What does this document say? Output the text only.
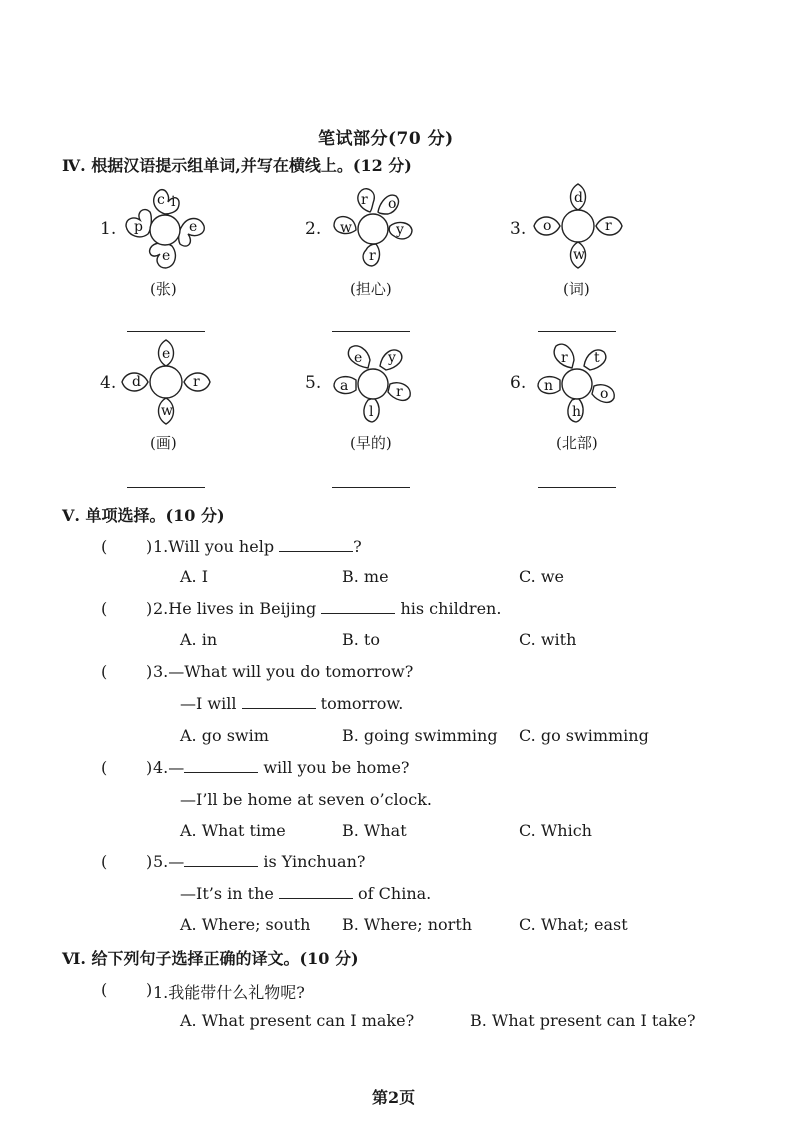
笔试部分(70 分)
Ⅳ. 根据汉语提示组单词,并写在横线上。(12 分)
1.
c i
e
e
p
(张)
2.
r o
y
r
w
(担心)
3.
d
r
w
o
(词)
4.
e
r
w
d
(画)
5.
e y
r
l
a
(早的)
6.
r t
o
h
n
(北部)
Ⅴ. 单项选择。(10 分)
( ) 1.Will you help	?
A. I	B. me	C. we
( ) 2.He lives in Beijing	his children.
A. in	B. to	C. with
( ) 3.—What will you do tomorrow?
—I will	tomorrow.
A. go swim	B. going swimming C. go swimming
( ) 4.—	will you be home?
—I’ll be home at seven o’clock.
A. What time	B. What	C. Which
( ) 5.—	is Yinchuan?
—It’s in the	of China.
A. Where; south B. Where; north	C. What; east
Ⅵ. 给下列句子选择正确的译文。(10 分)
( ) 1.我能带什么礼物呢?
A. What present can I make?	B. What present can I take?
第2页
